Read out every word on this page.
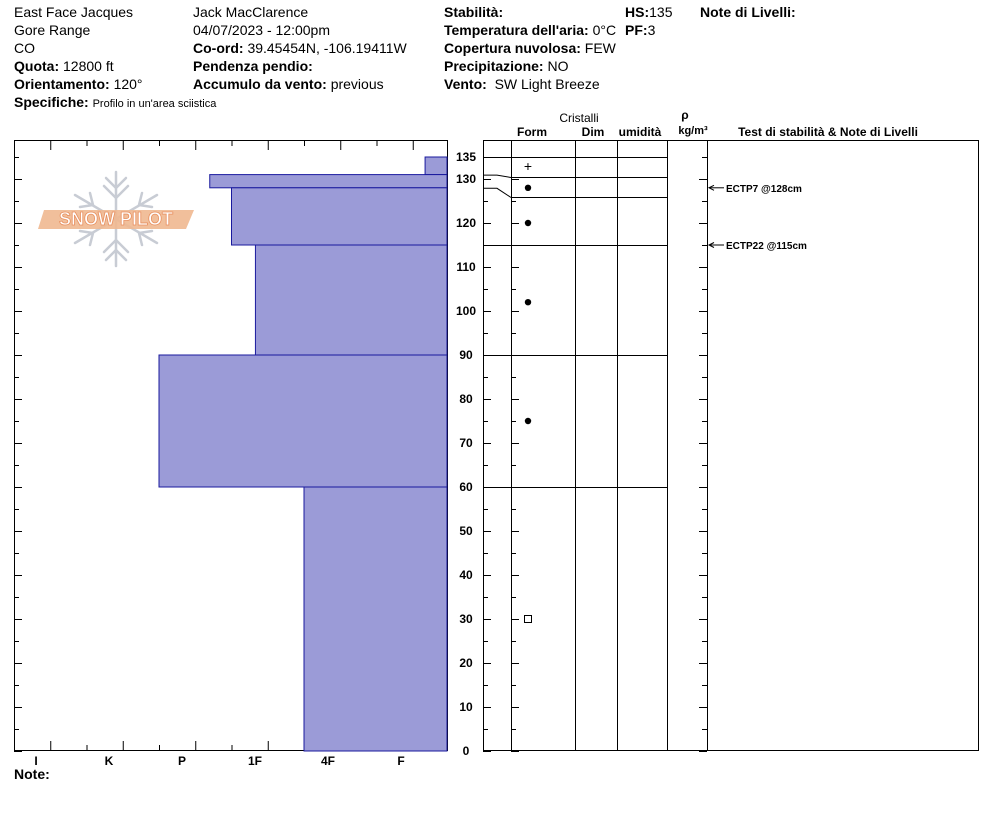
East Face Jacques
Gore Range
CO
Quota: 12800 ft
Orientamento: 120°
Specifiche: Profilo in un'area sciistica
Jack MacClarence
04/07/2023 - 12:00pm
Co-ord: 39.45454N, -106.19411W
Pendenza pendio:
Accumulo da vento: previous
Stabilità:
Temperatura dell'aria: 0°C
Copertura nuvolosa: FEW
Precipitazione: NO
Vento: SW Light Breeze
HS:135
PF:3
Note di Livelli:
Note:
SNOW PILOT
I	K	P	1F	4F	F
0
10
20
30
40
50
60
70
80
90
100
110
120
130
135
Cristalli
Form	Dim umidità
ρ
kg/m³	Test di stabilità & Note di Livelli
+
ECTP7 @128cm
ECTP22 @115cm
